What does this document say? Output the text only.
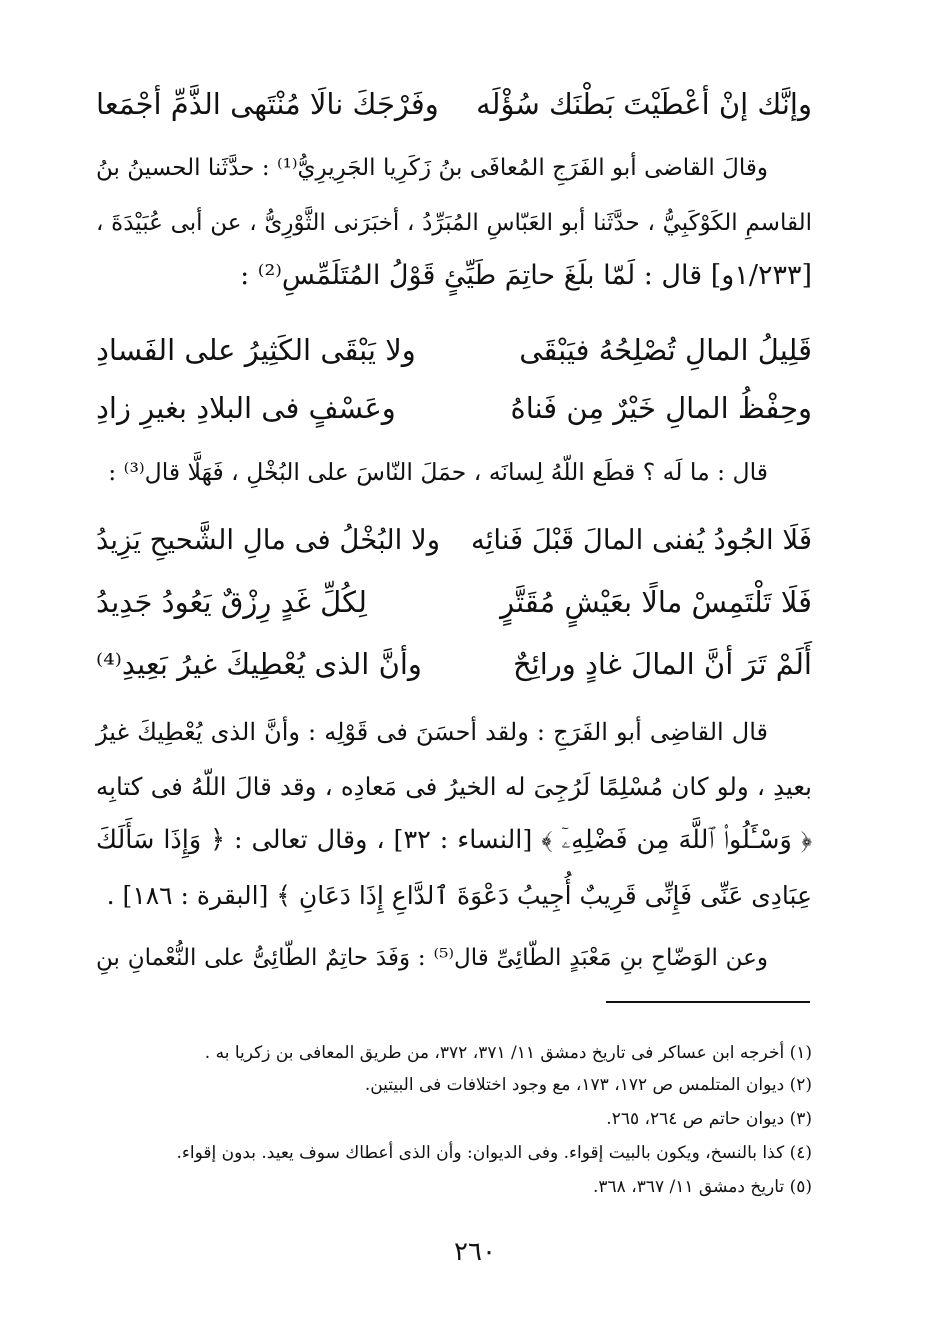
وإنَّك إنْ أعْطَيْتَ بَطْنَك سُؤْلَه
وفَرْجَكَ نالَا مُنْتَهى الذَّمِّ أجْمَعا
وقالَ القاضى أبو الفَرَجِ المُعافَى بنُ زَكَرِيا الجَرِيرِيُّ⁽¹⁾ : حدَّثَنا الحسينُ بنُ
القاسمِ الكَوْكَبِيُّ ، حدَّثَنا أبو العَبّاسِ المُبَرِّدُ ، أخبَرَنى الثَّوْرِىُّ ، عن أبى عُبَيْدَةَ ،
[١/٢٣٣و] قال : لَمّا بلَغَ حاتِمَ طَيِّئٍ قَوْلُ المُتَلَمِّسِ⁽²⁾ :
قَلِيلُ المالِ تُصْلِحُهُ فيَبْقَى
ولا يَبْقَى الكَثِيرُ على الفَسادِ
وحِفْظُ المالِ خَيْرٌ مِن فَناهُ
وعَسْفٍ فى البلادِ بغيرِ زادِ
قال : ما لَه ؟ قطَع اللّهُ لِسانَه ، حمَلَ النّاسَ على البُخْلِ ، فَهَلَّا قال⁽³⁾ :
فَلَا الجُودُ يُفنى المالَ قَبْلَ فَنائِه
ولا البُخْلُ فى مالِ الشَّحيحِ يَزِيدُ
فَلَا تَلْتَمِسْ مالًا بعَيْشٍ مُقَتَّرٍ
لِكُلِّ غَدٍ رِزْقٌ يَعُودُ جَدِيدُ
أَلَمْ تَرَ أنَّ المالَ غادٍ ورائِحٌ
وأنَّ الذى يُعْطِيكَ غيرُ بَعِيدِ⁽⁴⁾
قال القاضِى أبو الفَرَجِ : ولقد أحسَنَ فى قَوْلِه : وأنَّ الذى يُعْطِيكَ غيرُ
بعيدِ ، ولو كان مُسْلِمًا لَرُجِىَ له الخيرُ فى مَعادِه ، وقد قالَ اللّهُ فى كتابِه
﴿ وَسْـَٔلُوا۟ ٱللَّهَ مِن فَضْلِهِۦٓ ﴾ [النساء : ٣٢] ، وقال تعالى : ﴿ وَإِذَا سَأَلَكَ
عِبَادِى عَنِّى فَإِنِّى قَرِيبٌ أُجِيبُ دَعْوَةَ ٱلدَّاعِ إِذَا دَعَانِ ﴾ [البقرة : ١٨٦] .
وعن الوَضّاحِ بنِ مَعْبَدٍ الطّائِىِّ قال⁽⁵⁾ : وَفَدَ حاتِمٌ الطّائِىُّ على النُّعْمانِ بنِ
(١) أخرجه ابن عساكر فى تاريخ دمشق ١١/ ٣٧١، ٣٧٢، من طريق المعافى بن زكريا به .
(٢) ديوان المتلمس ص ١٧٢، ١٧٣، مع وجود اختلافات فى البيتين.
(٣) ديوان حاتم ص ٢٦٤، ٢٦٥.
(٤) كذا بالنسخ، ويكون بالبيت إقواء. وفى الديوان: وأن الذى أعطاك سوف يعيد. بدون إقواء.
(٥) تاريخ دمشق ١١/ ٣٦٧، ٣٦٨.
٢٦٠
